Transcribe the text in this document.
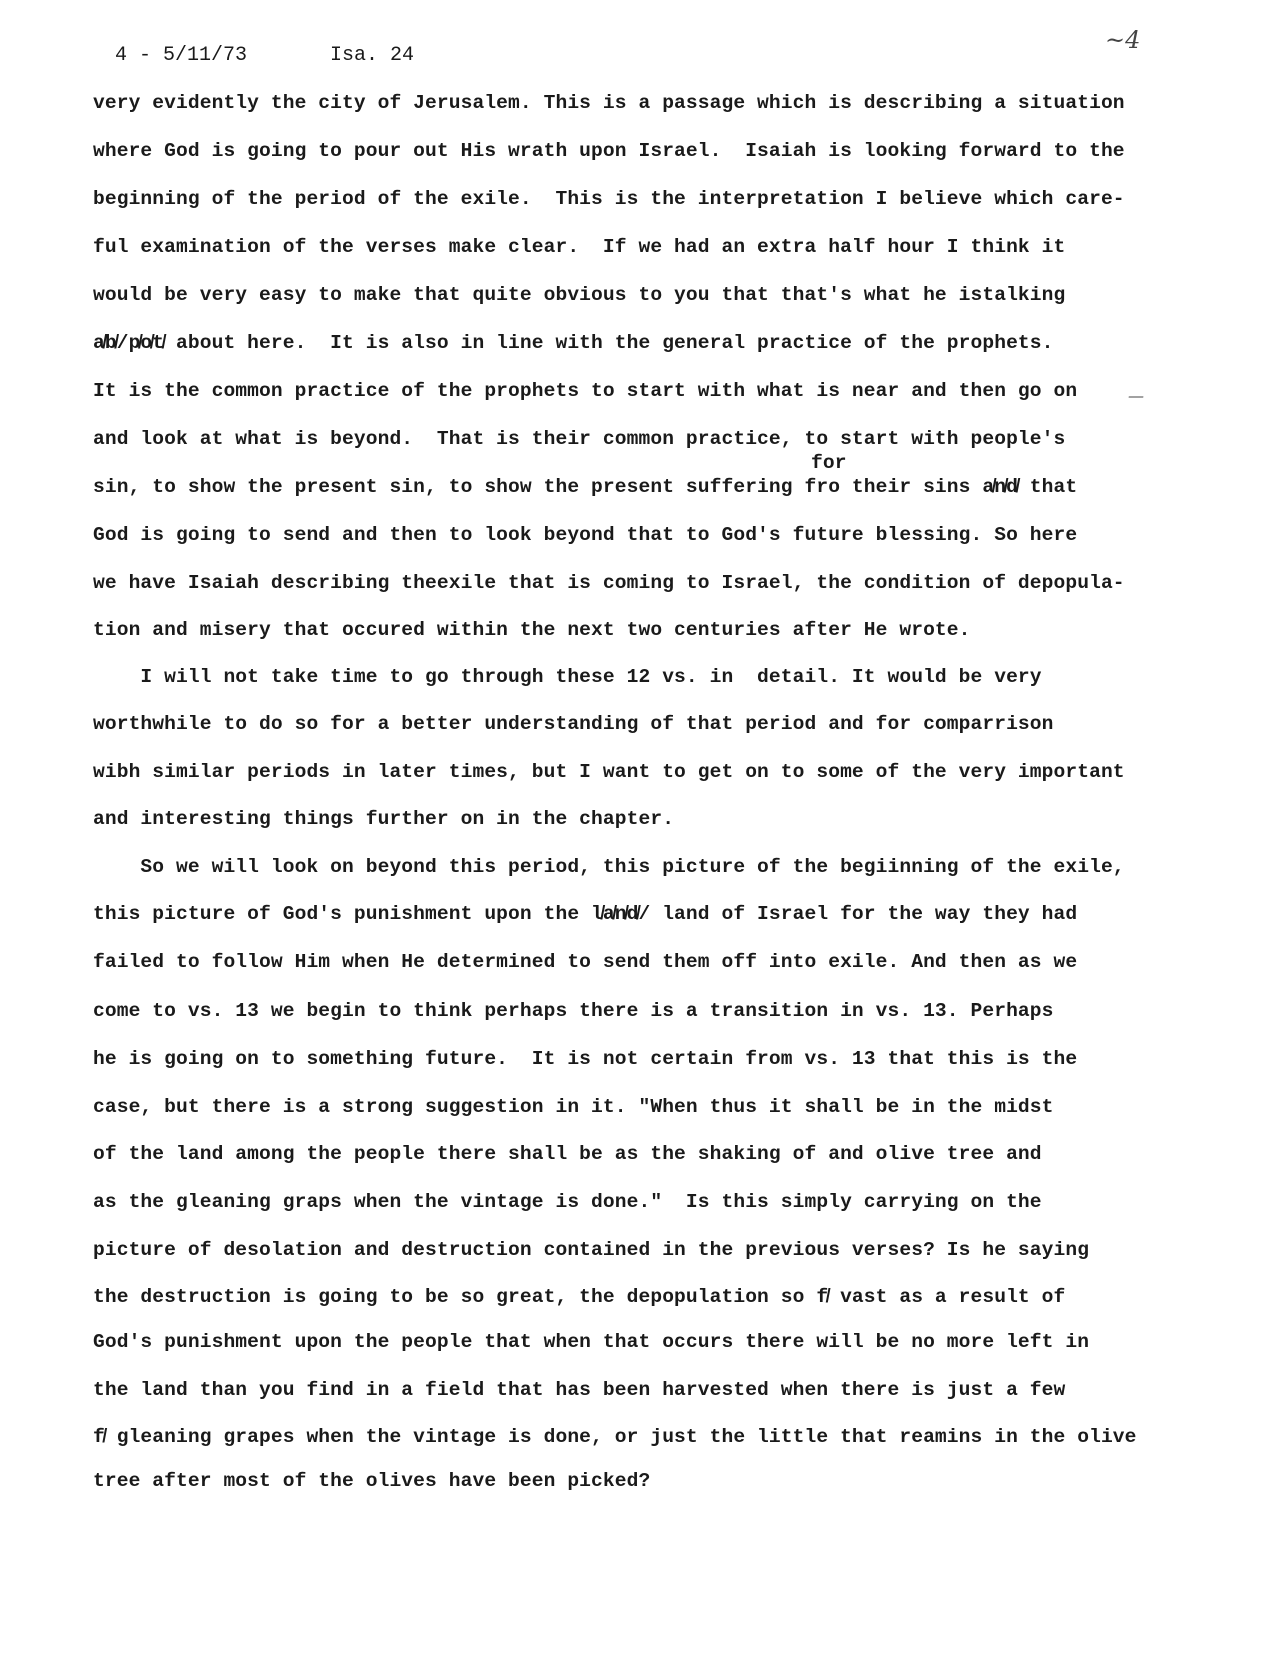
4 - 5/11/73	Isa. 24
~4
—
for
very evidently the city of Jerusalem. This is a passage which is describing a situation
where God is going to pour out His wrath upon Israel.  Isaiah is looking forward to the
beginning of the period of the exile.  This is the interpretation I believe which care-
ful examination of the verses make clear.  If we had an extra half hour I think it
would be very easy to make that quite obvious to you that that's what he istalking
a̸b̸/p̸o̸t̸ about here.  It is also in line with the general practice of the prophets.
It is the common practice of the prophets to start with what is near and then go on
and look at what is beyond.  That is their common practice, to start with people's
sin, to show the present sin, to show the present suffering fro their sins a̸n̸d̸ that
God is going to send and then to look beyond that to God's future blessing. So here
we have Isaiah describing theexile that is coming to Israel, the condition of depopula-
tion and misery that occured within the next two centuries after He wrote.
I will not take time to go through these 12 vs. in  detail. It would be very
worthwhile to do so for a better understanding of that period and for comparrison
wibh similar periods in later times, but I want to get on to some of the very important
and interesting things further on in the chapter.
So we will look on beyond this period, this picture of the begiinning of the exile,
this picture of God's punishment upon the l̸a̸n̸d̸/ land of Israel for the way they had
failed to follow Him when He determined to send them off into exile. And then as we
come to vs. 13 we begin to think perhaps there is a transition in vs. 13. Perhaps
he is going on to something future.  It is not certain from vs. 13 that this is the
case, but there is a strong suggestion in it. "When thus it shall be in the midst
of the land among the people there shall be as the shaking of and olive tree and
as the gleaning graps when the vintage is done."  Is this simply carrying on the
picture of desolation and destruction contained in the previous verses? Is he saying
the destruction is going to be so great, the depopulation so f̸ vast as a result of
God's punishment upon the people that when that occurs there will be no more left in
the land than you find in a field that has been harvested when there is just a few
f̸ gleaning grapes when the vintage is done, or just the little that reamins in the olive
tree after most of the olives have been picked?
